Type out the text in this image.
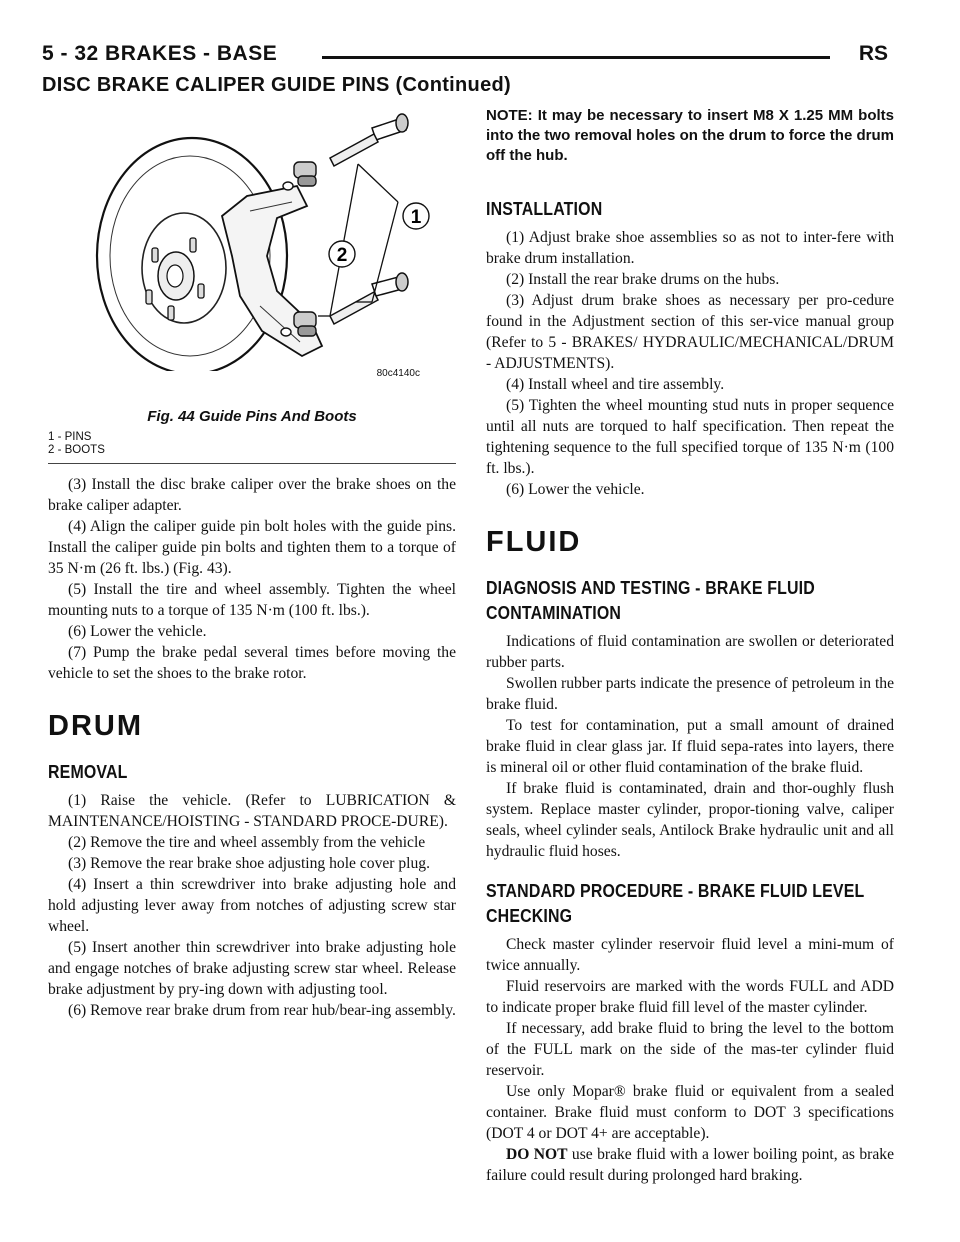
5 - 32 BRAKES - BASE	RS
DISC BRAKE CALIPER GUIDE PINS (Continued)
1
2
80c4140c
Fig. 44 Guide Pins And Boots
1 - PINS
2 - BOOTS

(3) Install the disc brake caliper over the brake shoes on the brake caliper adapter.

(4) Align the caliper guide pin bolt holes with the guide pins. Install the caliper guide pin bolts and tighten them to a torque of 35 N·m (26 ft. lbs.) (Fig. 43).

(5) Install the tire and wheel assembly. Tighten the wheel mounting nuts to a torque of 135 N·m (100 ft. lbs.).

(6) Lower the vehicle.

(7) Pump the brake pedal several times before moving the vehicle to set the shoes to the brake rotor.

DRUM
REMOVAL

(1) Raise the vehicle. (Refer to LUBRICATION & MAINTENANCE/HOISTING - STANDARD PROCE-DURE).

(2) Remove the tire and wheel assembly from the vehicle

(3) Remove the rear brake shoe adjusting hole cover plug.

(4) Insert a thin screwdriver into brake adjusting hole and hold adjusting lever away from notches of adjusting screw star wheel.

(5) Insert another thin screwdriver into brake adjusting hole and engage notches of brake adjusting screw star wheel. Release brake adjustment by pry-ing down with adjusting tool.

(6) Remove rear brake drum from rear hub/bear-ing assembly.

NOTE: It may be necessary to insert M8 X 1.25 MM bolts into the two removal holes on the drum to force the drum off the hub.

INSTALLATION

(1) Adjust brake shoe assemblies so as not to inter-fere with brake drum installation.

(2) Install the rear brake drums on the hubs.

(3) Adjust drum brake shoes as necessary per pro-cedure found in the Adjustment section of this ser-vice manual group (Refer to 5 - BRAKES/ HYDRAULIC/MECHANICAL/DRUM - ADJUSTMENTS).

(4) Install wheel and tire assembly.

(5) Tighten the wheel mounting stud nuts in proper sequence until all nuts are torqued to half specification. Then repeat the tightening sequence to the full specified torque of 135 N·m (100 ft. lbs.).

(6) Lower the vehicle.

FLUID
DIAGNOSIS AND TESTING - BRAKE FLUID CONTAMINATION

Indications of fluid contamination are swollen or deteriorated rubber parts.

Swollen rubber parts indicate the presence of petroleum in the brake fluid.

To test for contamination, put a small amount of drained brake fluid in clear glass jar. If fluid sepa-rates into layers, there is mineral oil or other fluid contamination of the brake fluid.

If brake fluid is contaminated, drain and thor-oughly flush system. Replace master cylinder, propor-tioning valve, caliper seals, wheel cylinder seals, Antilock Brake hydraulic unit and all hydraulic fluid hoses.

STANDARD PROCEDURE - BRAKE FLUID LEVEL CHECKING

Check master cylinder reservoir fluid level a mini-mum of twice annually.

Fluid reservoirs are marked with the words FULL and ADD to indicate proper brake fluid fill level of the master cylinder.

If necessary, add brake fluid to bring the level to the bottom of the FULL mark on the side of the mas-ter cylinder fluid reservoir.

Use only Mopar® brake fluid or equivalent from a sealed container. Brake fluid must conform to DOT 3 specifications (DOT 4 or DOT 4+ are acceptable).

DO NOT use brake fluid with a lower boiling point, as brake failure could result during prolonged hard braking.
